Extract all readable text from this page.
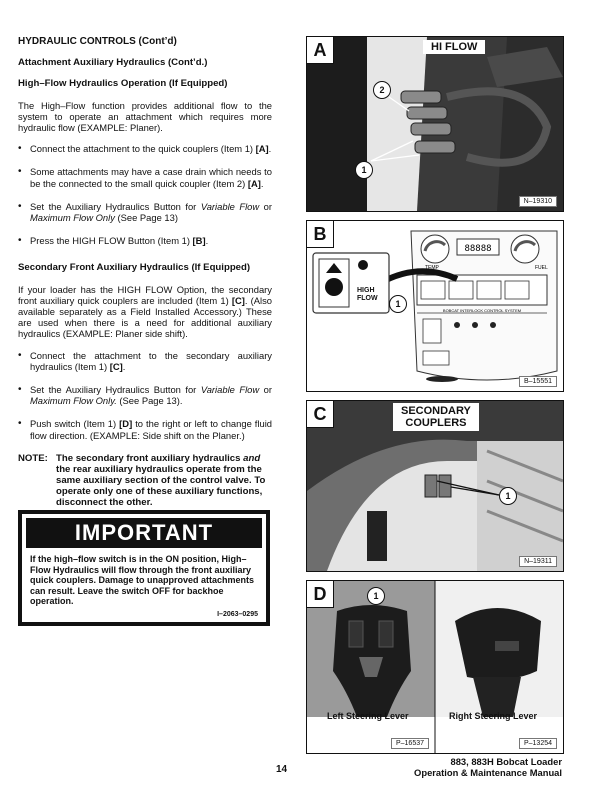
HYDRAULIC CONTROLS (Cont’d)
Attachment Auxiliary Hydraulics (Cont’d.)
High–Flow Hydraulics Operation (If Equipped)

The High–Flow function provides additional flow to the system to operate an attachment which requires more hydraulic flow (EXAMPLE: Planer).

• Connect the attachment to the quick couplers (Item 1) [A].
• Some attachments may have a case drain which needs to be the connected to the small quick coupler (Item 2) [A].
• Set the Auxiliary Hydraulics Button for Variable Flow or Maximum Flow Only (See Page 13)
• Press the HIGH FLOW Button (Item 1) [B].
Secondary Front Auxiliary Hydraulics (If Equipped)

If your loader has the HIGH FLOW Option, the secondary front auxiliary quick couplers are included (Item 1) [C]. (Also available separately as a Field Installed Accessory.) These are used when there is a need for additional auxiliary hydraulics (EXAMPLE: Planer side shift).

• Connect the attachment to the secondary auxiliary hydraulics (Item 1) [C].
• Set the Auxiliary Hydraulics Button for Variable Flow or Maximum Flow Only. (See Page 13).
• Push switch (Item 1) [D] to the right or left to change fluid flow direction. (EXAMPLE: Side shift on the Planer.)
NOTE: The secondary front auxiliary hydraulics and the rear auxiliary hydraulics operate from the same auxiliary section of the control valve. To operate only one of these auxiliary functions, disconnect the other.
IMPORTANT
If the high–flow switch is in the ON position, High–Flow Hydraulics will flow through the front auxiliary quick couplers. Damage to unapproved attachments can result. Leave the switch OFF for backhoe operation.
I–2063–0295
A	HI FLOW
2
1
N–19310
88888
TEMP	FUEL
BOBCAT INTERLOCK CONTROL SYSTEM
B
HIGH
FLOW
1
B–15551
C	SECONDARY
COUPLERS
1
N–19311
D	1
Left Steering Lever	Right Steering Lever
P–16537	P–13254
14
883, 883H Bobcat Loader
Operation & Maintenance Manual
